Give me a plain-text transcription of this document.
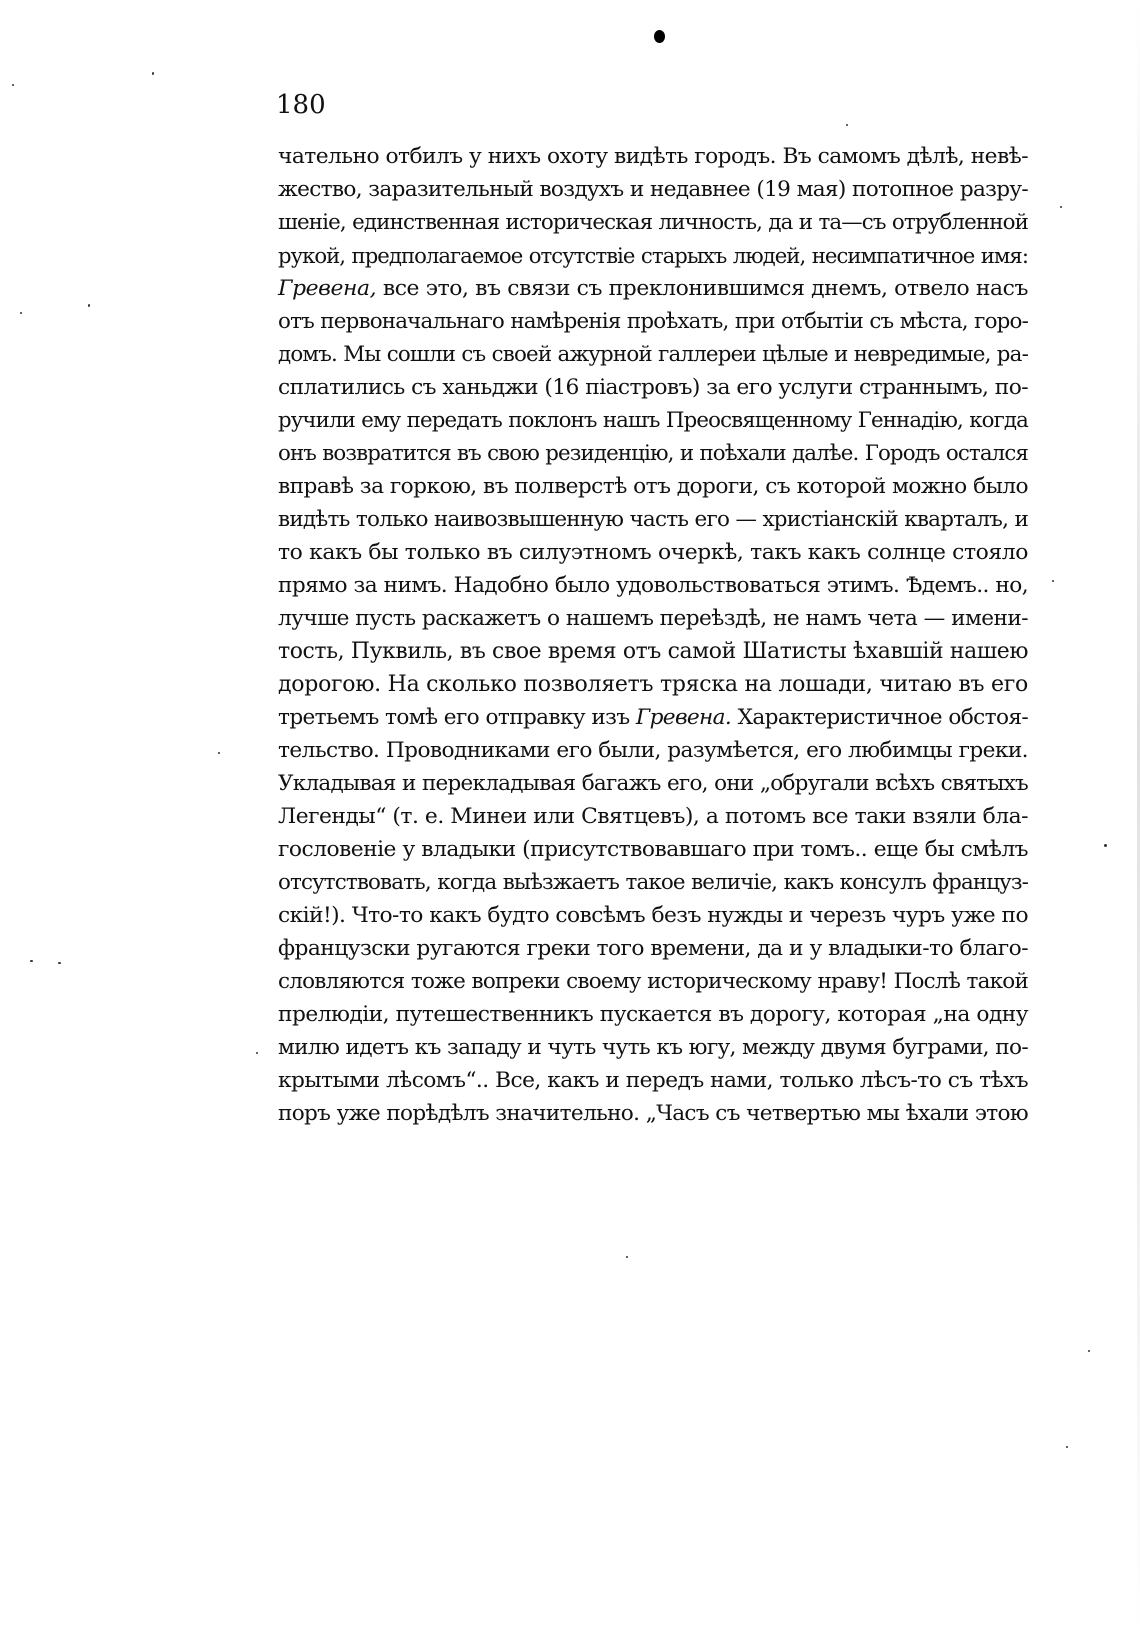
180
чательно отбилъ у нихъ охоту видѣть городъ. Въ самомъ дѣлѣ, невѣ-
жество, заразительный воздухъ и недавнее (19 мая) потопное разру-
шеніе, единственная историческая личность, да и та—съ отрубленной
рукой, предполагаемое отсутствіе старыхъ людей, несимпатичное имя:
Гревена, все это, въ связи съ преклонившимся днемъ, отвело насъ
отъ первоначальнаго намѣренія проѣхать, при отбытіи съ мѣста, горо-
домъ. Мы сошли съ своей ажурной галлереи цѣлые и невредимые, ра-
сплатились съ ханьджи (16 піастровъ) за его услуги страннымъ, по-
ручили ему передать поклонъ нашъ Преосвященному Геннадію, когда
онъ возвратится въ свою резиденцію, и поѣхали далѣе. Городъ остался
вправѣ за горкою, въ полверстѣ отъ дороги, съ которой можно было
видѣть только наивозвышенную часть его — христіанскій кварталъ, и
то какъ бы только въ силуэтномъ очеркѣ, такъ какъ солнце стояло
прямо за нимъ. Надобно было удовольствоваться этимъ. Ѣдемъ.. но,
лучше пусть раскажетъ о нашемъ переѣздѣ, не намъ чета — имени-
тость, Пуквиль, въ свое время отъ самой Шатисты ѣхавшій нашею
дорогою. На сколько позволяетъ тряска на лошади, читаю въ его
третьемъ томѣ его отправку изъ Гревена. Характеристичное обстоя-
тельство. Проводниками его были, разумѣется, его любимцы греки.
Укладывая и перекладывая багажъ его, они „обругали всѣхъ святыхъ
Легенды“ (т. е. Минеи или Святцевъ), а потомъ все таки взяли бла-
гословеніе у владыки (присутствовавшаго при томъ.. еще бы смѣлъ
отсутствовать, когда выѣзжаетъ такое величіе, какъ консулъ француз-
скій!). Что-то какъ будто совсѣмъ безъ нужды и черезъ чуръ уже по
французски ругаются греки того времени, да и у владыки-то благо-
словляются тоже вопреки своему историческому нраву! Послѣ такой
прелюдіи, путешественникъ пускается въ дорогу, которая „на одну
милю идетъ къ западу и чуть чуть къ югу, между двумя буграми, по-
крытыми лѣсомъ“.. Все, какъ и передъ нами, только лѣсъ-то съ тѣхъ
поръ уже порѣдѣлъ значительно. „Часъ съ четвертью мы ѣхали этою
